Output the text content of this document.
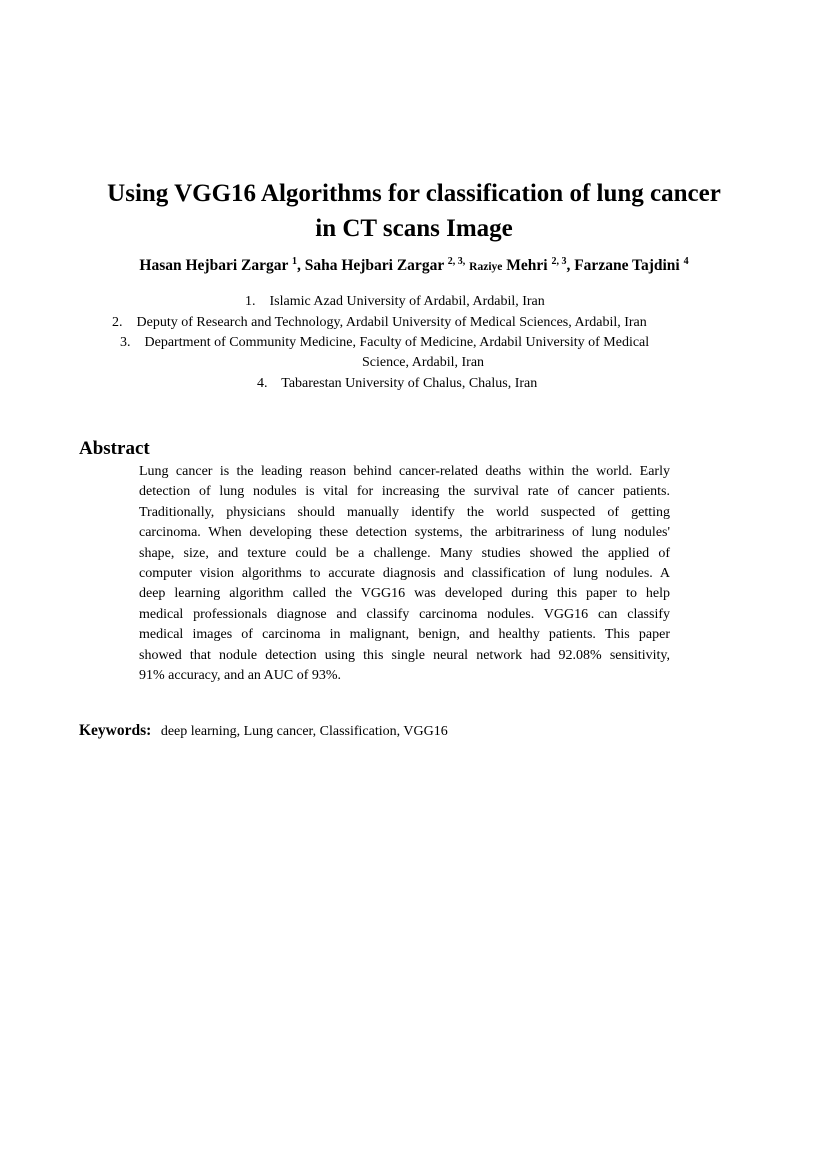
Using VGG16 Algorithms for classification of lung cancer
in CT scans Image
Hasan Hejbari Zargar $^1$, Saha Hejbari Zargar $^{2, 3,}$ Raziye Mehri $^{2, 3}$, Farzane Tajdini $^4$
1. Islamic Azad University of Ardabil, Ardabil, Iran
2. Deputy of Research and Technology, Ardabil University of Medical Sciences, Ardabil, Iran
3. Department of Community Medicine, Faculty of Medicine, Ardabil University of Medical
Science, Ardabil, Iran
4. Tabarestan University of Chalus, Chalus, Iran
Abstract
Lung cancer is the leading reason behind cancer-related deaths within the world. Early
detection of lung nodules is vital for increasing the survival rate of cancer patients.
Traditionally, physicians should manually identify the world suspected of getting
carcinoma. When developing these detection systems, the arbitrariness of lung nodules'
shape, size, and texture could be a challenge. Many studies showed the applied of
computer vision algorithms to accurate diagnosis and classification of lung nodules. A
deep learning algorithm called the VGG16 was developed during this paper to help
medical professionals diagnose and classify carcinoma nodules. VGG16 can classify
medical images of carcinoma in malignant, benign, and healthy patients. This paper
showed that nodule detection using this single neural network had 92.08% sensitivity,
91% accuracy, and an AUC of 93%.
Keywords: deep learning, Lung cancer, Classification, VGG16
